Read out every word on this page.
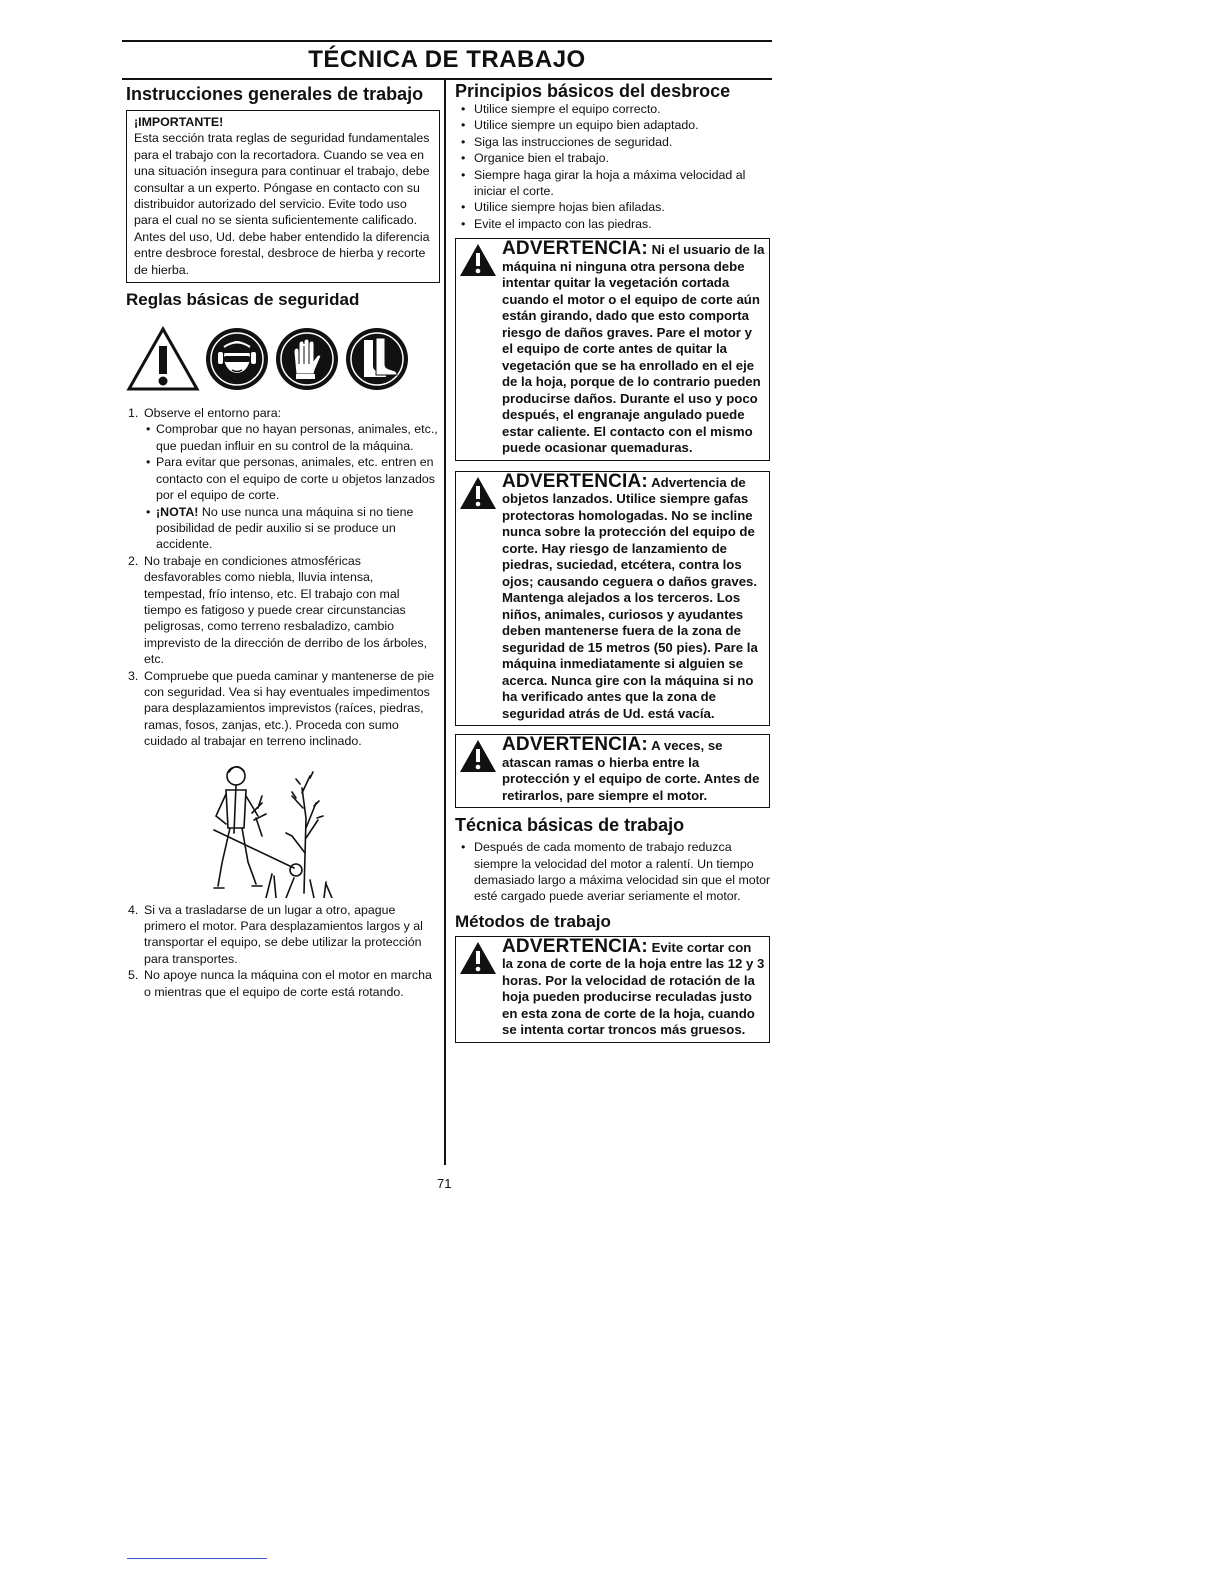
TÉCNICA DE TRABAJO
Instrucciones generales de trabajo
¡IMPORTANTE!

Esta sección trata reglas de seguridad fundamentales para el trabajo con la recortadora. Cuando se vea en una situación insegura para continuar el trabajo, debe consultar a un experto. Póngase en contacto con su distribuidor autorizado del servicio. Evite todo uso para el cual no se sienta suficientemente calificado.

Antes del uso, Ud. debe haber entendido la diferencia entre desbroce forestal, desbroce de hierba y recorte de hierba.

Reglas básicas de seguridad
1. Observe el entorno para:
• Comprobar que no hayan personas, animales, etc., que puedan influir en su control de la máquina.
• Para evitar que personas, animales, etc. entren en contacto con el equipo de corte u objetos lanzados por el equipo de corte.
• ¡NOTA! No use nunca una máquina si no tiene posibilidad de pedir auxilio si se produce un accidente.
2. No trabaje en condiciones atmosféricas desfavorables como niebla, lluvia intensa, tempestad, frío intenso, etc. El trabajo con mal tiempo es fatigoso y puede crear circunstancias peligrosas, como terreno resbaladizo, cambio imprevisto de la dirección de derribo de los árboles, etc.
3. Compruebe que pueda caminar y mantenerse de pie con seguridad. Vea si hay eventuales impedimentos para desplazamientos imprevistos (raíces, piedras, ramas, fosos, zanjas, etc.). Proceda con sumo cuidado al trabajar en terreno inclinado.
4. Si va a trasladarse de un lugar a otro, apague primero el motor. Para desplazamientos largos y al transportar el equipo, se debe utilizar la protección para transportes.
5. No apoye nunca la máquina con el motor en marcha o mientras que el equipo de corte está rotando.
Principios básicos del desbroce
• Utilice siempre el equipo correcto.
• Utilice siempre un equipo bien adaptado.
• Siga las instrucciones de seguridad.
• Organice bien el trabajo.
• Siempre haga girar la hoja a máxima velocidad al iniciar el corte.
• Utilice siempre hojas bien afiladas.
• Evite el impacto con las piedras.
ADVERTENCIA: Ni el usuario de la máquina ni ninguna otra persona debe intentar quitar la vegetación cortada cuando el motor o el equipo de corte aún están girando, dado que esto comporta riesgo de daños graves. Pare el motor y el equipo de corte antes de quitar la vegetación que se ha enrollado en el eje de la hoja, porque de lo contrario pueden producirse daños. Durante el uso y poco después, el engranaje angulado puede estar caliente. El contacto con el mismo puede ocasionar quemaduras.
ADVERTENCIA: Advertencia de objetos lanzados. Utilice siempre gafas protectoras homologadas. No se incline nunca sobre la protección del equipo de corte. Hay riesgo de lanzamiento de piedras, suciedad, etcétera, contra los ojos; causando ceguera o daños graves. Mantenga alejados a los terceros. Los niños, animales, curiosos y ayudantes deben mantenerse fuera de la zona de seguridad de 15 metros (50 pies). Pare la máquina inmediatamente si alguien se acerca. Nunca gire con la máquina si no ha verificado antes que la zona de seguridad atrás de Ud. está vacía.
ADVERTENCIA: A veces, se atascan ramas o hierba entre la protección y el equipo de corte. Antes de retirarlos, pare siempre el motor.
Técnica básicas de trabajo
• Después de cada momento de trabajo reduzca siempre la velocidad del motor a ralentí. Un tiempo demasiado largo a máxima velocidad sin que el motor esté cargado puede averiar seriamente el motor.
Métodos de trabajo
ADVERTENCIA: Evite cortar con la zona de corte de la hoja entre las 12 y 3 horas. Por la velocidad de rotación de la hoja pueden producirse reculadas justo en esta zona de corte de la hoja, cuando se intenta cortar troncos más gruesos.
71
